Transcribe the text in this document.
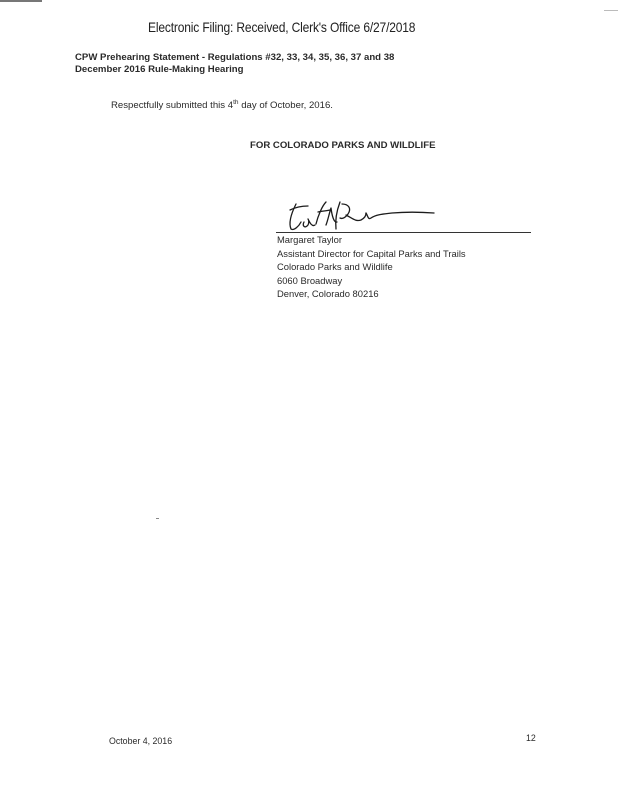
Electronic Filing: Received, Clerk's Office 6/27/2018
CPW Prehearing Statement - Regulations #32, 33, 34, 35, 36, 37 and 38
December 2016 Rule-Making Hearing
Respectfully submitted this 4th day of October, 2016.
FOR COLORADO PARKS AND WILDLIFE
Margaret Taylor
Assistant Director for Capital Parks and Trails
Colorado Parks and Wildlife
6060 Broadway
Denver, Colorado 80216
October 4, 2016	12
